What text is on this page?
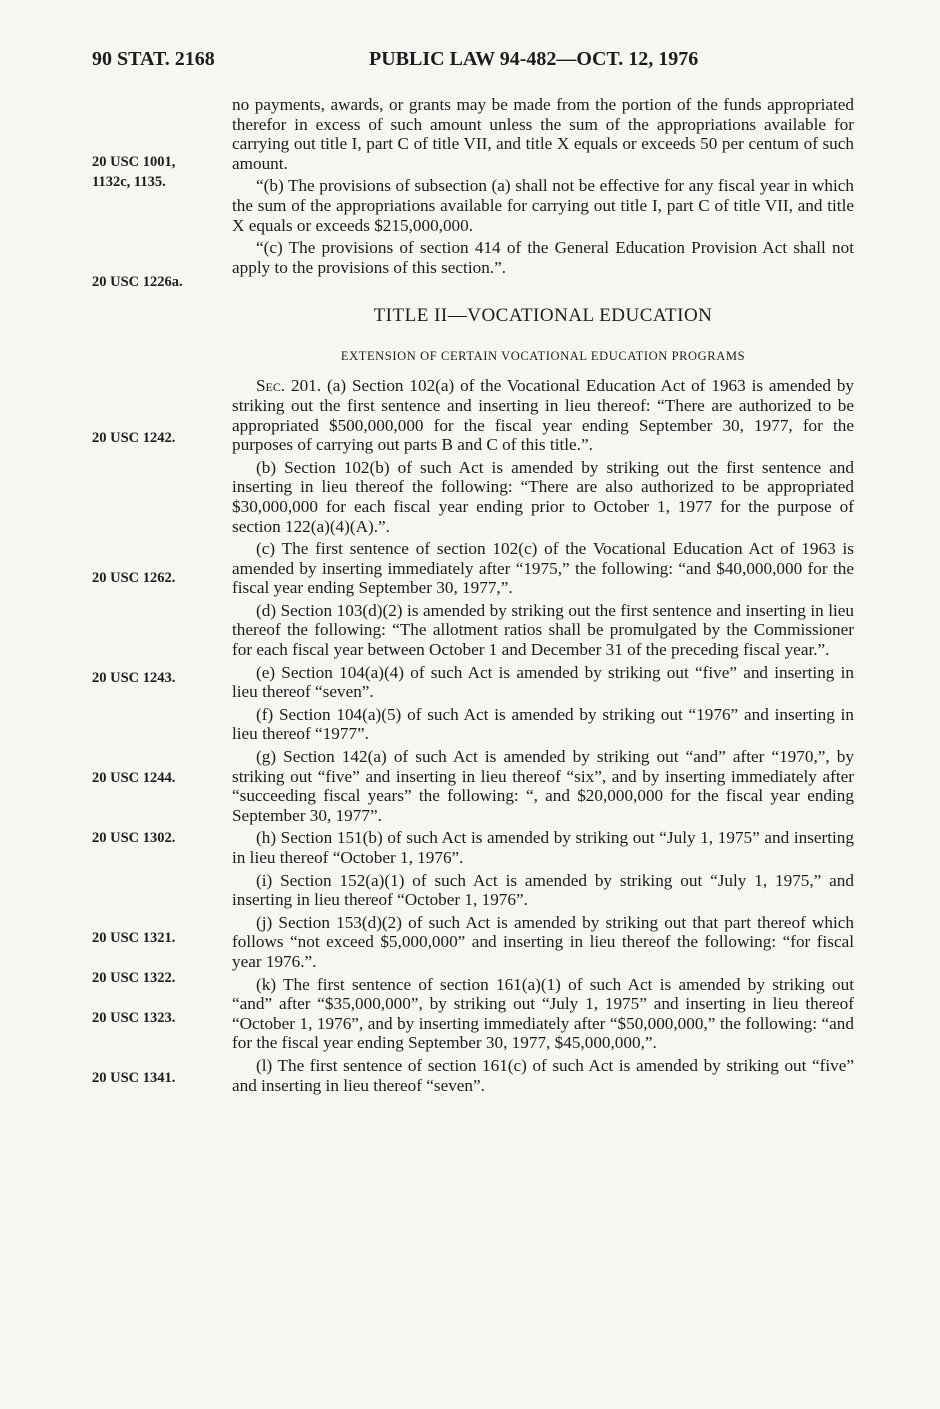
90 STAT. 2168	PUBLIC LAW 94-482—OCT. 12, 1976
20 USC 1001,
1132c, 1135.
20 USC 1226a.
20 USC 1242.
20 USC 1262.
20 USC 1243.
20 USC 1244.
20 USC 1302.
20 USC 1321.
20 USC 1322.
20 USC 1323.
20 USC 1341.

no payments, awards, or grants may be made from the portion of the funds appropriated therefor in excess of such amount unless the sum of the appropriations available for carrying out title I, part C of title VII, and title X equals or exceeds 50 per centum of such amount.

“(b) The provisions of subsection (a) shall not be effective for any fiscal year in which the sum of the appropriations available for carrying out title I, part C of title VII, and title X equals or exceeds $215,000,000.

“(c) The provisions of section 414 of the General Education Provision Act shall not apply to the provisions of this section.”.

TITLE II—VOCATIONAL EDUCATION
EXTENSION OF CERTAIN VOCATIONAL EDUCATION PROGRAMS

Sec. 201. (a) Section 102(a) of the Vocational Education Act of 1963 is amended by striking out the first sentence and inserting in lieu thereof: “There are authorized to be appropriated $500,000,000 for the fiscal year ending September 30, 1977, for the purposes of carrying out parts B and C of this title.”.

(b) Section 102(b) of such Act is amended by striking out the first sentence and inserting in lieu thereof the following: “There are also authorized to be appropriated $30,000,000 for each fiscal year ending prior to October 1, 1977 for the purpose of section 122(a)(4)(A).”.

(c) The first sentence of section 102(c) of the Vocational Education Act of 1963 is amended by inserting immediately after “1975,” the following: “and $40,000,000 for the fiscal year ending September 30, 1977,”.

(d) Section 103(d)(2) is amended by striking out the first sentence and inserting in lieu thereof the following: “The allotment ratios shall be promulgated by the Commissioner for each fiscal year between October 1 and December 31 of the preceding fiscal year.”.

(e) Section 104(a)(4) of such Act is amended by striking out “five” and inserting in lieu thereof “seven”.

(f) Section 104(a)(5) of such Act is amended by striking out “1976” and inserting in lieu thereof “1977”.

(g) Section 142(a) of such Act is amended by striking out “and” after “1970,”, by striking out “five” and inserting in lieu thereof “six”, and by inserting immediately after “succeeding fiscal years” the following: “, and $20,000,000 for the fiscal year ending September 30, 1977”.

(h) Section 151(b) of such Act is amended by striking out “July 1, 1975” and inserting in lieu thereof “October 1, 1976”.

(i) Section 152(a)(1) of such Act is amended by striking out “July 1, 1975,” and inserting in lieu thereof “October 1, 1976”.

(j) Section 153(d)(2) of such Act is amended by striking out that part thereof which follows “not exceed $5,000,000” and inserting in lieu thereof the following: “for fiscal year 1976.”.

(k) The first sentence of section 161(a)(1) of such Act is amended by striking out “and” after “$35,000,000”, by striking out “July 1, 1975” and inserting in lieu thereof “October 1, 1976”, and by inserting immediately after “$50,000,000,” the following: “and for the fiscal year ending September 30, 1977, $45,000,000,”.

(l) The first sentence of section 161(c) of such Act is amended by striking out “five” and inserting in lieu thereof “seven”.
